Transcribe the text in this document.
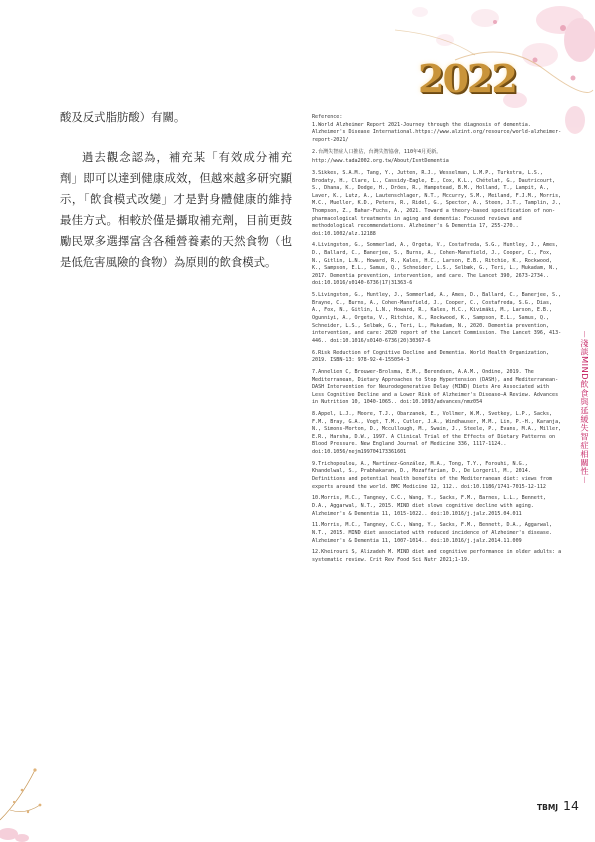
2022

酸及反式脂肪酸）有關。

過去觀念認為，補充某「有效成分補充劑」即可以達到健康成效，但越來越多研究顯示，「飲食模式改變」才是對身體健康的維持最佳方式。相較於僅是攝取補充劑，目前更鼓勵民眾多選擇富含各種營養素的天然食物（也是低危害風險的食物）為原則的飲食模式。

Reference:
1.World Alzheimer Report 2021-Journey through the diagnosis of dementia. Alzheimer's Disease International.https://www.alzint.org/resource/world-alzheimer-report-2021/
2.台灣失智症人口推估，台灣失智協會，110年4月更新。
http://www.tada2002.org.tw/About/IsntDementia
3.Sikkes, S.A.M., Tang, Y., Jutten, R.J., Wesselman, L.M.P., Turkstra, L.S., Brodaty, H., Clare, L., Cassidy-Eagle, E., Cox, K.L., Chételat, G., Dautricourt, S., Dhana, K., Dodge, H., Dröes, R., Hampstead, B.M., Holland, T., Lampit, A., Laver, K., Lutz, A., Lautenschlager, N.T., Mccurry, S.M., Meiland, F.J.M., Morris, M.C., Mueller, K.D., Peters, R., Ridel, G., Spector, A., Steen, J.T., Tamplin, J., Thompson, Z., Bahar-Fuchs, A., 2021. Toward a theory-based specification of non-pharmacological treatments in aging and dementia: Focused reviews and methodological recommendations. Alzheimer's & Dementia 17, 255-270.. doi:10.1002/alz.12188
4.Livingston, G., Sommerlad, A., Orgeta, V., Costafreda, S.G., Huntley, J., Ames, D., Ballard, C., Banerjee, S., Burns, A., Cohen-Mansfield, J., Cooper, C., Fox, N., Gitlin, L.N., Howard, R., Kales, H.C., Larson, E.B., Ritchie, K., Rockwood, K., Sampson, E.L., Samus, Q., Schneider, L.S., Selbæk, G., Teri, L., Mukadam, N., 2017. Dementia prevention, intervention, and care. The Lancet 390, 2673-2734.. doi:10.1016/s0140-6736(17)31363-6
5.Livingston, G., Huntley, J., Sommerlad, A., Ames, D., Ballard, C., Banerjee, S., Brayne, C., Burns, A., Cohen-Mansfield, J., Cooper, C., Costafreda, S.G., Dias, A., Fox, N., Gitlin, L.N., Howard, R., Kales, H.C., Kivimäki, M., Larson, E.B., Ogunniyi, A., Orgeta, V., Ritchie, K., Rockwood, K., Sampson, E.L., Samus, Q., Schneider, L.S., Selbæk, G., Teri, L., Mukadam, N., 2020. Dementia prevention, intervention, and care: 2020 report of the Lancet Commission. The Lancet 396, 413-446.. doi:10.1016/s0140-6736(20)30367-6
6.Risk Reduction of Cognitive Decline and Dementia. World Health Organization, 2019. ISBN-13: 978-92-4-155054-3
7.Annelien C, Brouwer-Brolsma, E.M., Berendsen, A.A.M., Ondine, 2019. The Mediterranean, Dietary Approaches to Stop Hypertension (DASH), and Mediterranean-DASH Intervention for Neurodegenerative Delay (MIND) Diets Are Associated with Less Cognitive Decline and a Lower Risk of Alzheimer's Disease—A Review. Advances in Nutrition 10, 1040-1065.. doi:10.1093/advances/nmz054
8.Appel, L.J., Moore, T.J., Obarzanek, E., Vollmer, W.M., Svetkey, L.P., Sacks, F.M., Bray, G.A., Vogt, T.M., Cutler, J.A., Windhauser, M.M., Lin, P.-H., Karanja, N., Simons-Morton, D., Mccullough, M., Swain, J., Steele, P., Evans, M.A., Miller, E.R., Harsha, D.W., 1997. A Clinical Trial of the Effects of Dietary Patterns on Blood Pressure. New England Journal of Medicine 336, 1117-1124.. doi:10.1056/nejm199704173361601
9.Trichopoulou, A., Martínez-González, M.A., Tong, T.Y., Forouhi, N.G., Khandelwal, S., Prabhakaran, D., Mozaffarian, D., De Lorgeril, M., 2014. Definitions and potential health benefits of the Mediterranean diet: views from experts around the world. BMC Medicine 12, 112.. doi:10.1186/1741-7015-12-112
10.Morris, M.C., Tangney, C.C., Wang, Y., Sacks, F.M., Barnes, L.L., Bennett, D.A., Aggarwal, N.T., 2015. MIND diet slows cognitive decline with aging. Alzheimer's & Dementia 11, 1015-1022.. doi:10.1016/j.jalz.2015.04.011
11.Morris, M.C., Tangney, C.C., Wang, Y., Sacks, F.M., Bennett, D.A., Aggarwal, N.T., 2015. MIND diet associated with reduced incidence of Alzheimer's disease. Alzheimer's & Dementia 11, 1007-1014.. doi:10.1016/j.jalz.2014.11.009
12.Kheirouri S, Alizadeh M. MIND diet and cognitive performance in older adults: a systematic review. Crit Rev Food Sci Nutr 2021;1-19.
－淺談MIND飲食與延緩失智症相關性－
TBMJ 14
